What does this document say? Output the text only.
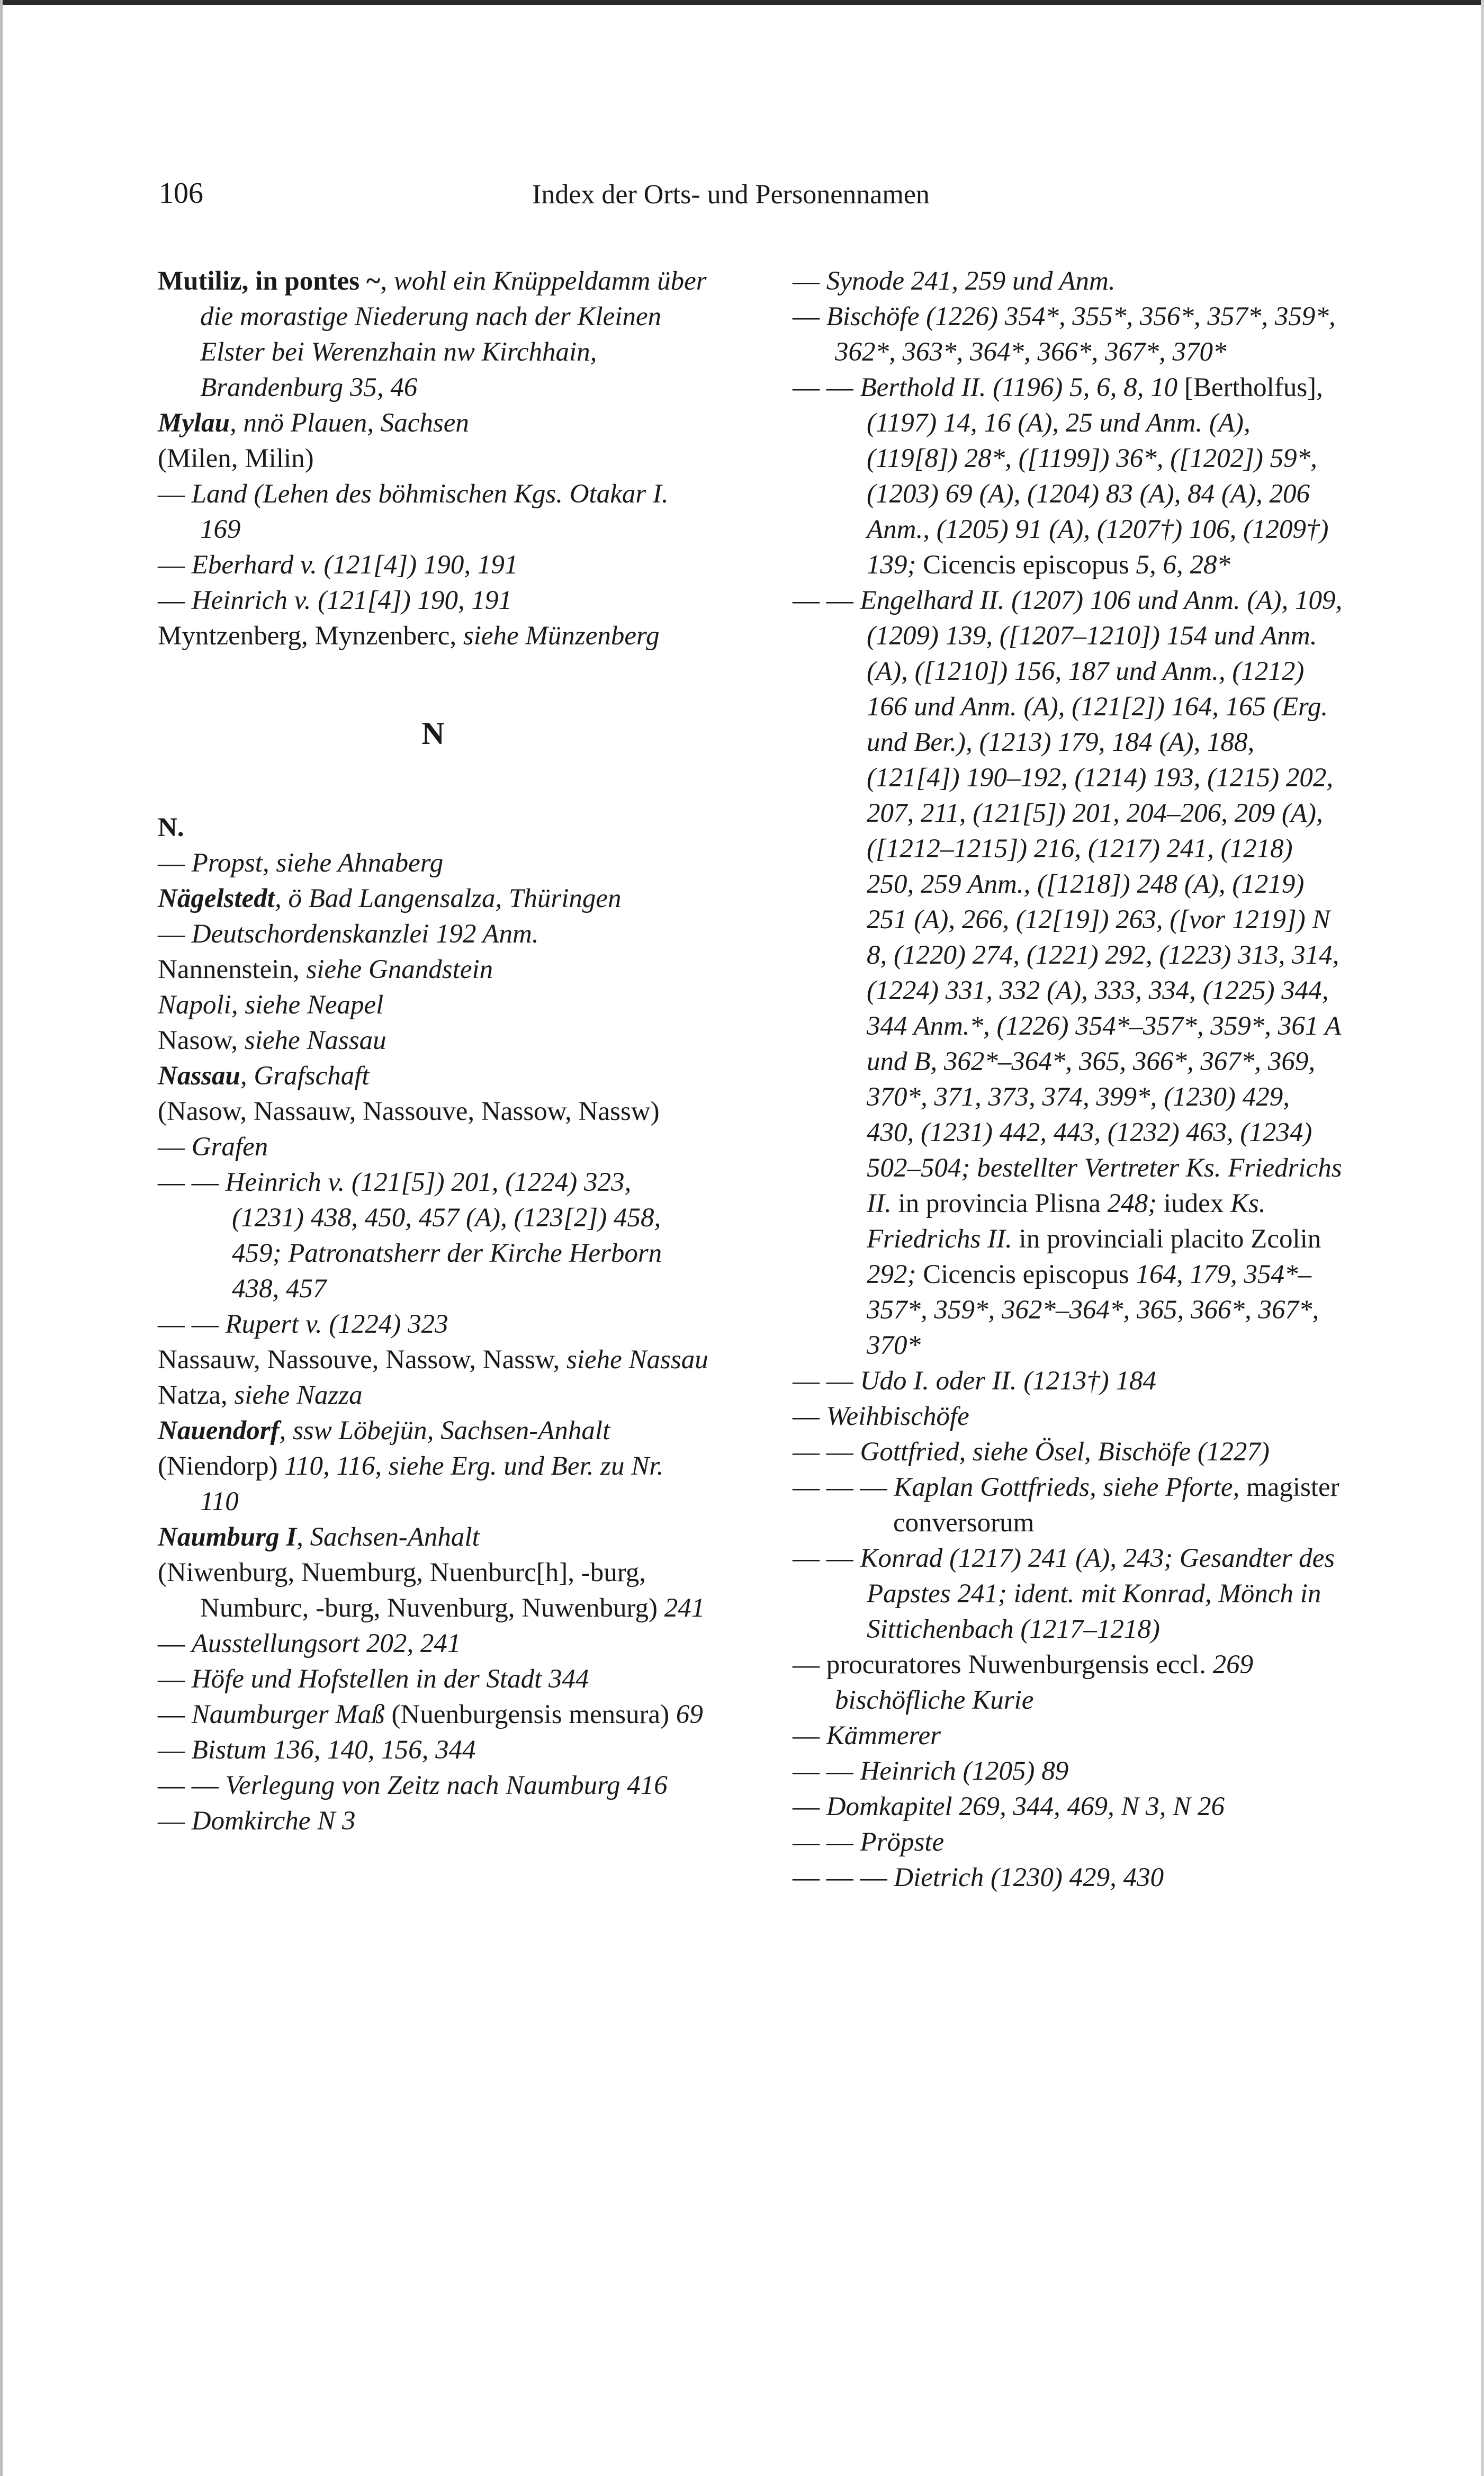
106	Index der Orts- und Personennamen

Mutiliz, in pontes ~, wohl ein Knüppeldamm über die morastige Niederung nach der Kleinen Elster bei Werenzhain nw Kirchhain, Brandenburg 35, 46

Mylau, nnö Plauen, Sachsen

(Milen, Milin)

— Land (Lehen des böhmischen Kgs. Otakar I. 169

— Eberhard v. (121[4]) 190, 191

— Heinrich v. (121[4]) 190, 191

Myntzenberg, Mynzenberc, siehe Münzenberg

N

N.

— Propst, siehe Ahnaberg

Nägelstedt, ö Bad Langensalza, Thüringen

— Deutschordenskanzlei 192 Anm.

Nannenstein, siehe Gnandstein

Napoli, siehe Neapel

Nasow, siehe Nassau

Nassau, Grafschaft

(Nasow, Nassauw, Nassouve, Nassow, Nassw)

— Grafen

— — Heinrich v. (121[5]) 201, (1224) 323, (1231) 438, 450, 457 (A), (123[2]) 458, 459; Patronatsherr der Kirche Herborn 438, 457

— — Rupert v. (1224) 323

Nassauw, Nassouve, Nassow, Nassw, siehe Nassau

Natza, siehe Nazza

Nauendorf, ssw Löbejün, Sachsen-Anhalt

(Niendorp) 110, 116, siehe Erg. und Ber. zu Nr. 110

Naumburg I, Sachsen-Anhalt

(Niwenburg, Nuemburg, Nuenburc[h], -burg, Numburc, -burg, Nuvenburg, Nuwenburg) 241

— Ausstellungsort 202, 241

— Höfe und Hofstellen in der Stadt 344

— Naumburger Maß (Nuenburgensis mensura) 69

— Bistum 136, 140, 156, 344

— — Verlegung von Zeitz nach Naumburg 416

— Domkirche N 3

— Synode 241, 259 und Anm.

— Bischöfe (1226) 354*, 355*, 356*, 357*, 359*, 362*, 363*, 364*, 366*, 367*, 370*

— — Berthold II. (1196) 5, 6, 8, 10 [Bertholfus], (1197) 14, 16 (A), 25 und Anm. (A), (119[8]) 28*, ([1199]) 36*, ([1202]) 59*, (1203) 69 (A), (1204) 83 (A), 84 (A), 206 Anm., (1205) 91 (A), (1207†) 106, (1209†) 139; Cicencis episcopus 5, 6, 28*

— — Engelhard II. (1207) 106 und Anm. (A), 109, (1209) 139, ([1207–1210]) 154 und Anm. (A), ([1210]) 156, 187 und Anm., (1212) 166 und Anm. (A), (121[2]) 164, 165 (Erg. und Ber.), (1213) 179, 184 (A), 188, (121[4]) 190–192, (1214) 193, (1215) 202, 207, 211, (121[5]) 201, 204–206, 209 (A), ([1212–1215]) 216, (1217) 241, (1218) 250, 259 Anm., ([1218]) 248 (A), (1219) 251 (A), 266, (12[19]) 263, ([vor 1219]) N 8, (1220) 274, (1221) 292, (1223) 313, 314, (1224) 331, 332 (A), 333, 334, (1225) 344, 344 Anm.*, (1226) 354*–357*, 359*, 361 A und B, 362*–364*, 365, 366*, 367*, 369, 370*, 371, 373, 374, 399*, (1230) 429, 430, (1231) 442, 443, (1232) 463, (1234) 502–504; bestellter Vertreter Ks. Friedrichs II. in provincia Plisna 248; iudex Ks. Friedrichs II. in provinciali placito Zcolin 292; Cicencis episcopus 164, 179, 354*–357*, 359*, 362*–364*, 365, 366*, 367*, 370*

— — Udo I. oder II. (1213†) 184

— Weihbischöfe

— — Gottfried, siehe Ösel, Bischöfe (1227)

— — — Kaplan Gottfrieds, siehe Pforte, magister conversorum

— — Konrad (1217) 241 (A), 243; Gesandter des Papstes 241; ident. mit Konrad, Mönch in Sittichenbach (1217–1218)

— procuratores Nuwenburgensis eccl. 269 bischöfliche Kurie

— Kämmerer

— — Heinrich (1205) 89

— Domkapitel 269, 344, 469, N 3, N 26

— — Pröpste

— — — Dietrich (1230) 429, 430
